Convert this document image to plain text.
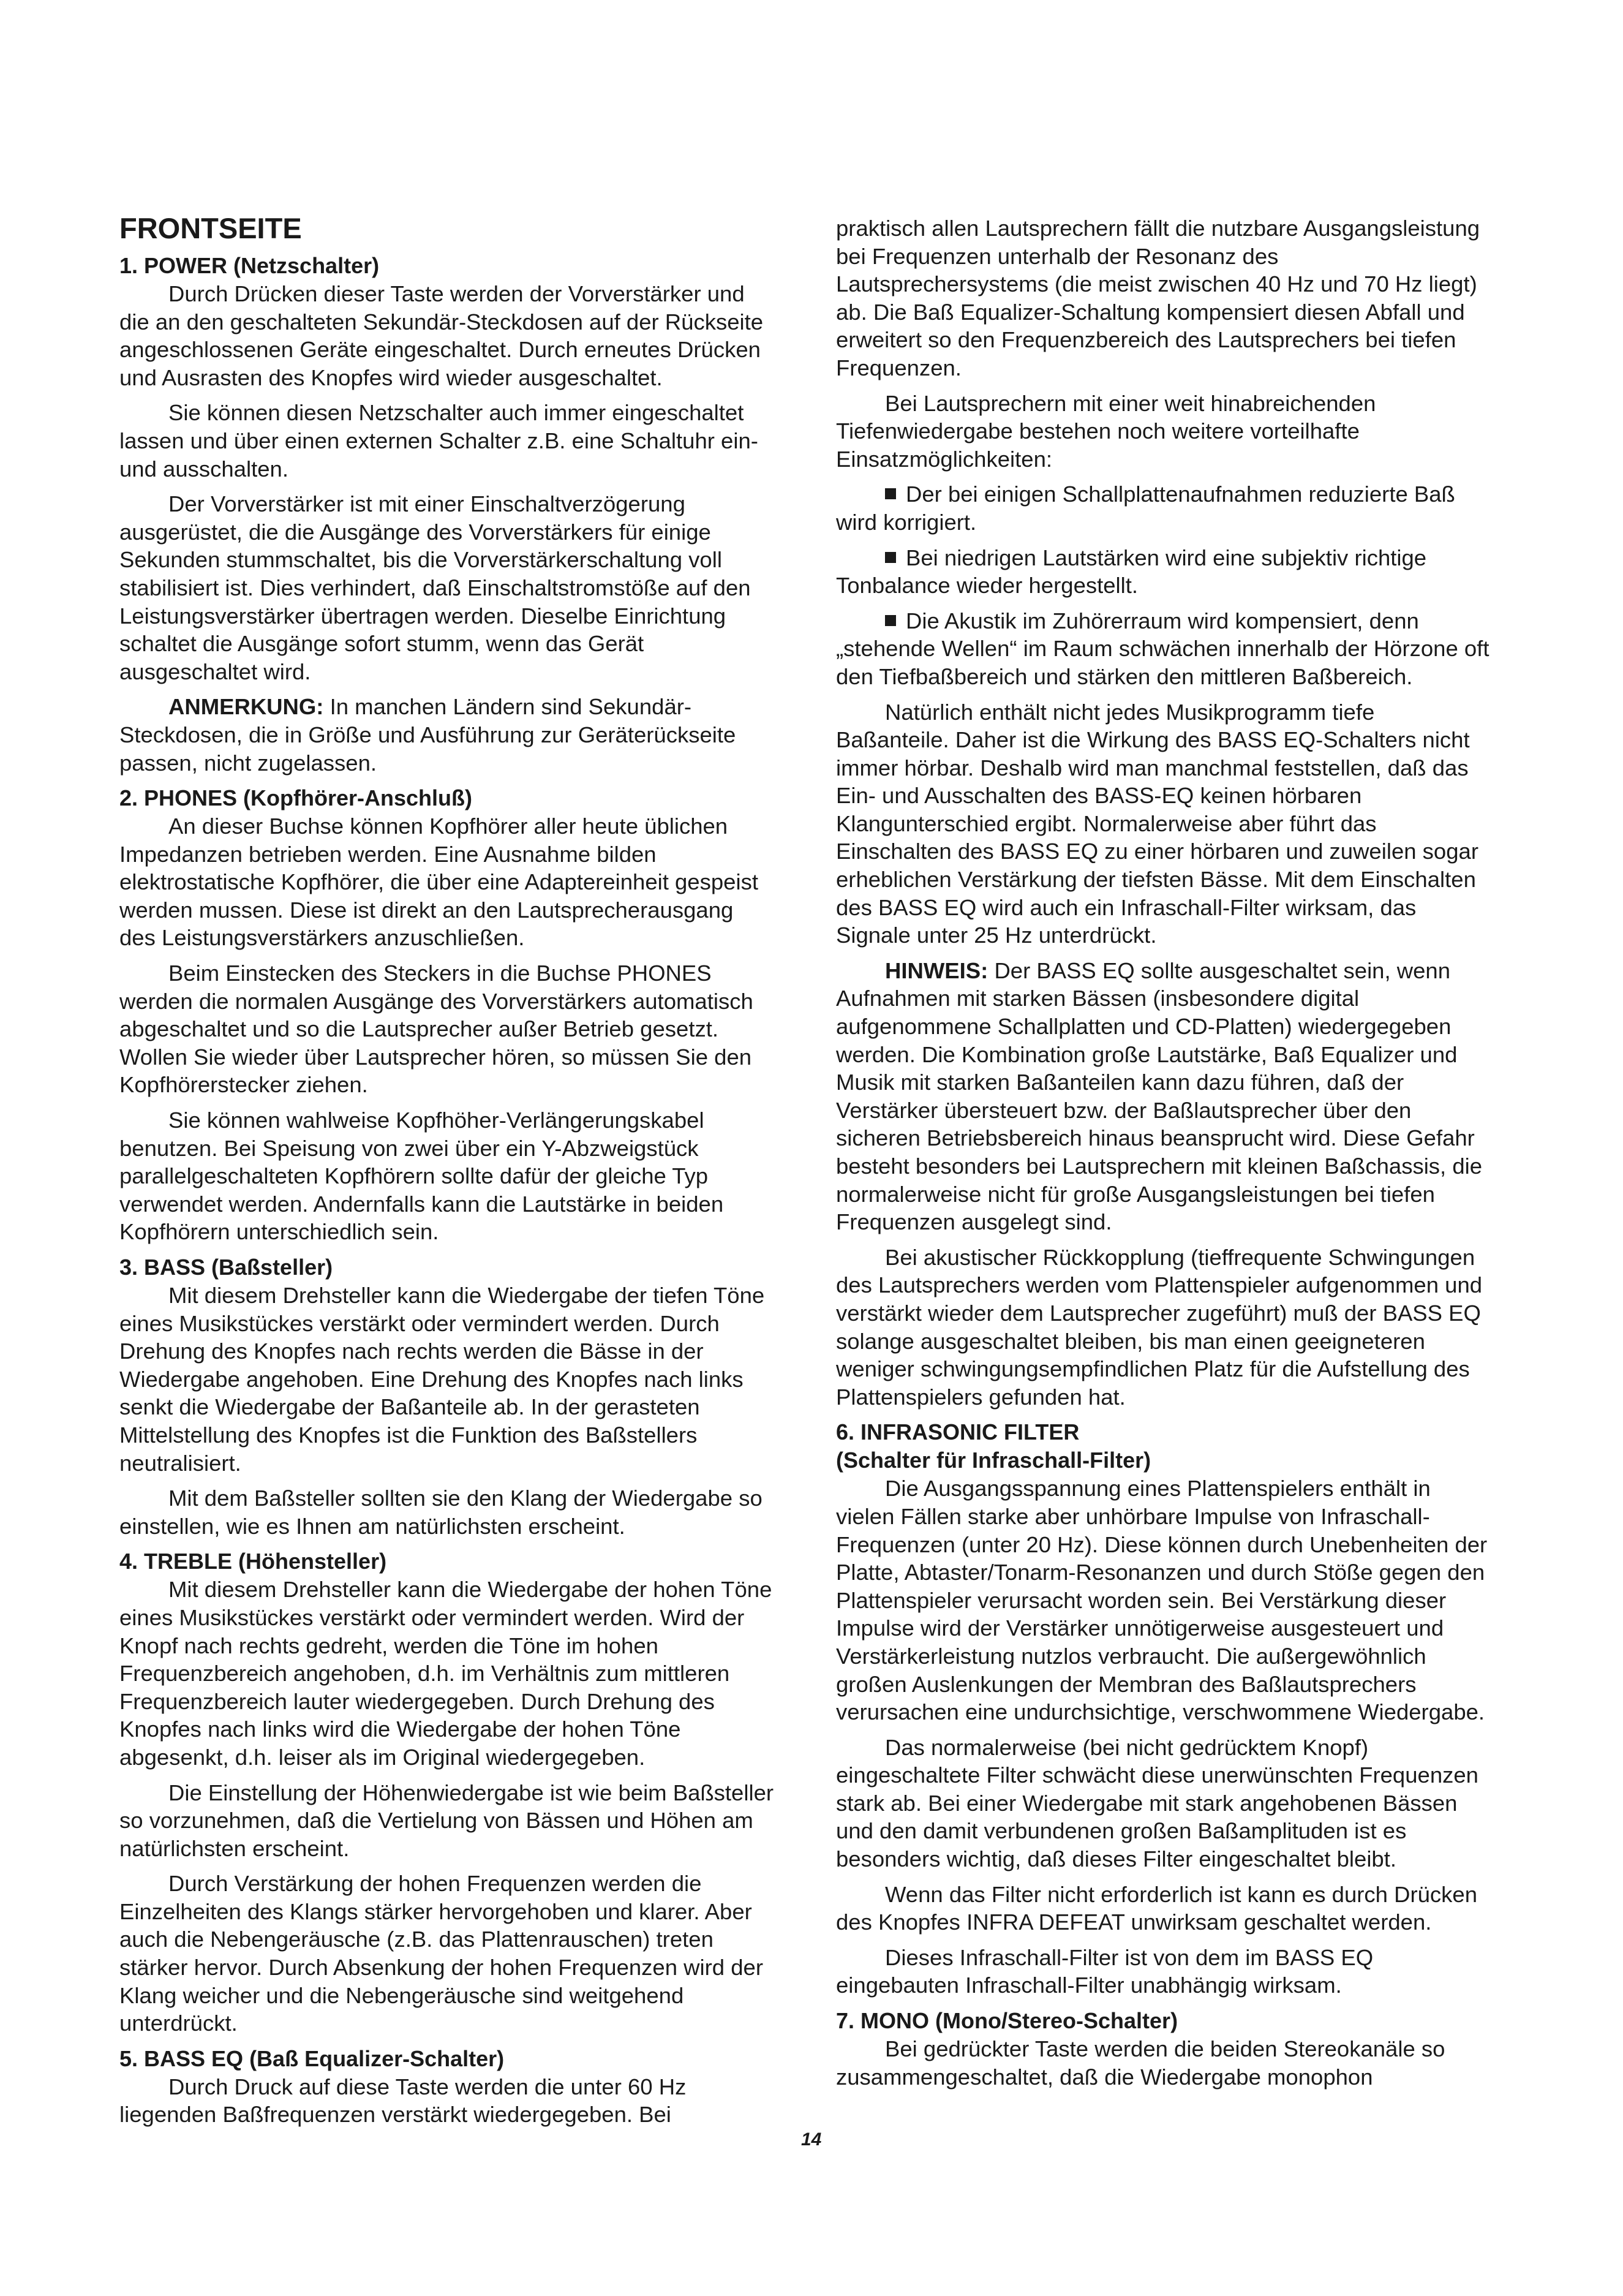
FRONTSEITE
1. POWER (Netzschalter)

Durch Drücken dieser Taste werden der Vorverstärker und die an den geschalteten Sekundär-Steckdosen auf der Rückseite angeschlossenen Geräte eingeschaltet. Durch erneutes Drücken und Ausrasten des Knopfes wird wieder ausgeschaltet.

Sie können diesen Netzschalter auch immer eingeschaltet lassen und über einen externen Schalter z.B. eine Schaltuhr ein- und ausschalten.

Der Vorverstärker ist mit einer Einschaltverzögerung ausgerüstet, die die Ausgänge des Vorverstärkers für einige Sekunden stummschaltet, bis die Vorverstärkerschaltung voll stabilisiert ist. Dies verhindert, daß Einschaltstromstöße auf den Leistungsverstärker übertragen werden. Dieselbe Einrichtung schaltet die Ausgänge sofort stumm, wenn das Gerät ausgeschaltet wird.

ANMERKUNG: In manchen Ländern sind Sekundär-Steckdosen, die in Größe und Ausführung zur Geräterückseite passen, nicht zugelassen.

2. PHONES (Kopfhörer-Anschluß)

An dieser Buchse können Kopfhörer aller heute üblichen Impedanzen betrieben werden. Eine Ausnahme bilden elektrostatische Kopfhörer, die über eine Adaptereinheit gespeist werden mussen. Diese ist direkt an den Lautsprecherausgang des Leistungsverstärkers anzuschließen.

Beim Einstecken des Steckers in die Buchse PHONES werden die normalen Ausgänge des Vorverstärkers automatisch abgeschaltet und so die Lautsprecher außer Betrieb gesetzt. Wollen Sie wieder über Lautsprecher hören, so müssen Sie den Kopfhörerstecker ziehen.

Sie können wahlweise Kopfhöher-Verlängerungskabel benutzen. Bei Speisung von zwei über ein Y-Abzweigstück parallelgeschalteten Kopfhörern sollte dafür der gleiche Typ verwendet werden. Andernfalls kann die Lautstärke in beiden Kopfhörern unterschiedlich sein.

3. BASS (Baßsteller)

Mit diesem Drehsteller kann die Wiedergabe der tiefen Töne eines Musikstückes verstärkt oder vermindert werden. Durch Drehung des Knopfes nach rechts werden die Bässe in der Wiedergabe angehoben. Eine Drehung des Knopfes nach links senkt die Wiedergabe der Baßanteile ab. In der gerasteten Mittelstellung des Knopfes ist die Funktion des Baßstellers neutralisiert.

Mit dem Baßsteller sollten sie den Klang der Wiedergabe so einstellen, wie es Ihnen am natürlichsten erscheint.

4. TREBLE (Höhensteller)

Mit diesem Drehsteller kann die Wiedergabe der hohen Töne eines Musikstückes verstärkt oder vermindert werden. Wird der Knopf nach rechts gedreht, werden die Töne im hohen Frequenzbereich angehoben, d.h. im Verhältnis zum mittleren Frequenzbereich lauter wiedergegeben. Durch Drehung des Knopfes nach links wird die Wiedergabe der hohen Töne abgesenkt, d.h. leiser als im Original wiedergegeben.

Die Einstellung der Höhenwiedergabe ist wie beim Baßsteller so vorzunehmen, daß die Vertielung von Bässen und Höhen am natürlichsten erscheint.

Durch Verstärkung der hohen Frequenzen werden die Einzelheiten des Klangs stärker hervorgehoben und klarer. Aber auch die Nebengeräusche (z.B. das Plattenrauschen) treten stärker hervor. Durch Absenkung der hohen Frequenzen wird der Klang weicher und die Nebengeräusche sind weitgehend unterdrückt.

5. BASS EQ (Baß Equalizer-Schalter)

Durch Druck auf diese Taste werden die unter 60 Hz liegenden Baßfrequenzen verstärkt wiedergegeben. Bei

praktisch allen Lautsprechern fällt die nutzbare Ausgangsleistung bei Frequenzen unterhalb der Resonanz des Lautsprechersystems (die meist zwischen 40 Hz und 70 Hz liegt) ab. Die Baß Equalizer-Schaltung kompensiert diesen Abfall und erweitert so den Frequenzbereich des Lautsprechers bei tiefen Frequenzen.

Bei Lautsprechern mit einer weit hinabreichenden Tiefenwiedergabe bestehen noch weitere vorteilhafte Einsatzmöglichkeiten:

Der bei einigen Schallplattenaufnahmen reduzierte Baß wird korrigiert.

Bei niedrigen Lautstärken wird eine subjektiv richtige Tonbalance wieder hergestellt.

Die Akustik im Zuhörerraum wird kompensiert, denn „stehende Wellen“ im Raum schwächen innerhalb der Hörzone oft den Tiefbaßbereich und stärken den mittleren Baßbereich.

Natürlich enthält nicht jedes Musikprogramm tiefe Baßanteile. Daher ist die Wirkung des BASS EQ-Schalters nicht immer hörbar. Deshalb wird man manchmal feststellen, daß das Ein- und Ausschalten des BASS-EQ keinen hörbaren Klangunterschied ergibt. Normalerweise aber führt das Einschalten des BASS EQ zu einer hörbaren und zuweilen sogar erheblichen Verstärkung der tiefsten Bässe. Mit dem Einschalten des BASS EQ wird auch ein Infraschall-Filter wirksam, das Signale unter 25 Hz unterdrückt.

HINWEIS: Der BASS EQ sollte ausgeschaltet sein, wenn Aufnahmen mit starken Bässen (insbesondere digital aufgenommene Schallplatten und CD-Platten) wiedergegeben werden. Die Kombination große Lautstärke, Baß Equalizer und Musik mit starken Baßanteilen kann dazu führen, daß der Verstärker übersteuert bzw. der Baßlautsprecher über den sicheren Betriebsbereich hinaus beansprucht wird. Diese Gefahr besteht besonders bei Lautsprechern mit kleinen Baßchassis, die normalerweise nicht für große Ausgangsleistungen bei tiefen Frequenzen ausgelegt sind.

Bei akustischer Rückkopplung (tieffrequente Schwingungen des Lautsprechers werden vom Plattenspieler aufgenommen und verstärkt wieder dem Lautsprecher zugeführt) muß der BASS EQ solange ausgeschaltet bleiben, bis man einen geeigneteren weniger schwingungsempfindlichen Platz für die Aufstellung des Plattenspielers gefunden hat.

6. INFRASONIC FILTER
(Schalter für Infraschall-Filter)

Die Ausgangsspannung eines Plattenspielers enthält in vielen Fällen starke aber unhörbare Impulse von Infraschall-Frequenzen (unter 20 Hz). Diese können durch Unebenheiten der Platte, Abtaster/Tonarm-Resonanzen und durch Stöße gegen den Plattenspieler verursacht worden sein. Bei Verstärkung dieser Impulse wird der Verstärker unnötigerweise ausgesteuert und Verstärkerleistung nutzlos verbraucht. Die außergewöhnlich großen Auslenkungen der Membran des Baßlautsprechers verursachen eine undurchsichtige, verschwommene Wiedergabe.

Das normalerweise (bei nicht gedrücktem Knopf) eingeschaltete Filter schwächt diese unerwünschten Frequenzen stark ab. Bei einer Wiedergabe mit stark angehobenen Bässen und den damit verbundenen großen Baßamplituden ist es besonders wichtig, daß dieses Filter eingeschaltet bleibt.

Wenn das Filter nicht erforderlich ist kann es durch Drücken des Knopfes INFRA DEFEAT unwirksam geschaltet werden.

Dieses Infraschall-Filter ist von dem im BASS EQ eingebauten Infraschall-Filter unabhängig wirksam.

7. MONO (Mono/Stereo-Schalter)

Bei gedrückter Taste werden die beiden Stereokanäle so zusammengeschaltet, daß die Wiedergabe monophon

14
